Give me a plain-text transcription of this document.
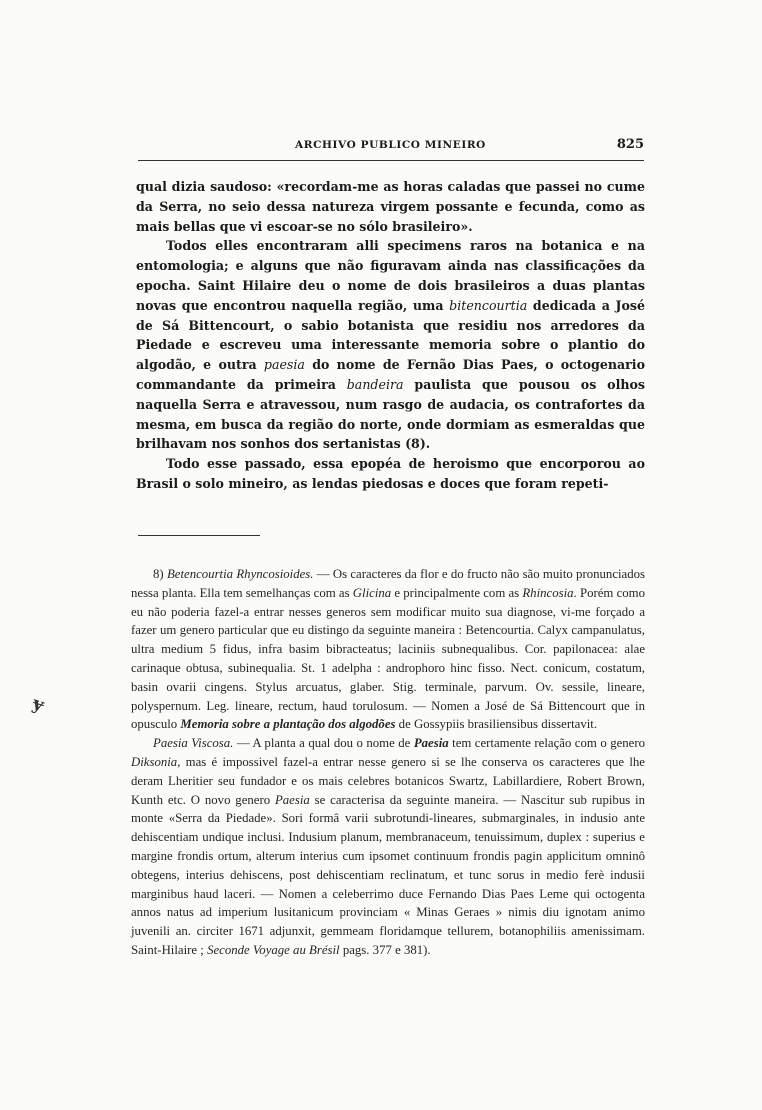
ARCHIVO PUBLICO MINEIRO	825

qual dizia saudoso: «recordam-me as horas caladas que passei no cume da Serra, no seio dessa natureza virgem possante e fecunda, como as mais bellas que vi escoar-se no sólo brasileiro».

Todos elles encontraram alli specimens raros na botanica e na entomologia; e alguns que não figuravam ainda nas classificações da epocha. Saint Hilaire deu o nome de dois brasileiros a duas plantas novas que encontrou naquella região, uma bitencourtia dedicada a José de Sá Bittencourt, o sabio botanista que residiu nos arredores da Piedade e escreveu uma interessante memoria sobre o plantio do algodão, e outra paesia do nome de Fernão Dias Paes, o octogenario commandante da primeira bandeira paulista que pousou os olhos naquella Serra e atravessou, num rasgo de audacia, os contrafortes da mesma, em busca da região do norte, onde dormiam as esmeraldas que brilhavam nos sonhos dos sertanistas (8).

Todo esse passado, essa epopéa de heroismo que encorporou ao Brasil o solo mineiro, as lendas piedosas e doces que foram repeti-

8) Betencourtia Rhyncosioides. — Os caracteres da flor e do fructo não são muito pronunciados nessa planta. Ella tem semelhanças com as Glicina e principalmente com as Rhincosia. Porém como eu não poderia fazel-a entrar nesses generos sem modificar muito sua diagnose, vi-me forçado a fazer um genero particular que eu distingo da seguinte maneira : Betencourtia. Calyx campanulatus, ultra medium 5 fidus, infra basim bibracteatus; laciniis subnequalibus. Cor. papilonacea: alae carinaque obtusa, subinequalia. St. 1 adelpha : androphoro hinc fisso. Nect. conicum, costatum, basin ovarii cingens. Stylus arcuatus, glaber. Stig. terminale, parvum. Ov. sessile, lineare, polyspernum. Leg. lineare, rectum, haud torulosum. — Nomen a José de Sá Bittencourt que in opusculo Memoria sobre a plantação dos algodões de Gossypiis brasiliensibus dissertavit.

Paesia Viscosa. — A planta a qual dou o nome de Paesia tem certamente relação com o genero Diksonia, mas é impossivel fazel-a entrar nesse genero si se lhe conserva os caracteres que lhe deram Lheritier seu fundador e os mais celebres botanicos Swartz, Labillardiere, Robert Brown, Kunth etc. O novo genero Paesia se caracterisa da seguinte maneira. — Nascitur sub rupibus in monte «Serra da Piedade». Sori formâ varii subrotundi-lineares, submarginales, in indusio ante dehiscentiam undique inclusi. Indusium planum, membranaceum, tenuissimum, duplex : superius e margine frondis ortum, alterum interius cum ipsomet continuum frondis pagin applicitum omninô obtegens, interius dehiscens, post dehiscentiam reclinatum, et tunc sorus in medio ferè indusii marginibus haud laceri. — Nomen a celeberrimo duce Fernando Dias Paes Leme qui octogenta annos natus ad imperium lusitanicum provinciam « Minas Geraes » nimis diu ignotam animo juvenili an. circiter 1671 adjunxit, gemmeam floridamque tellurem, botanophiliis amenissimam. Saint-Hilaire ; Seconde Voyage au Brésil pags. 377 e 381).

ɏ
